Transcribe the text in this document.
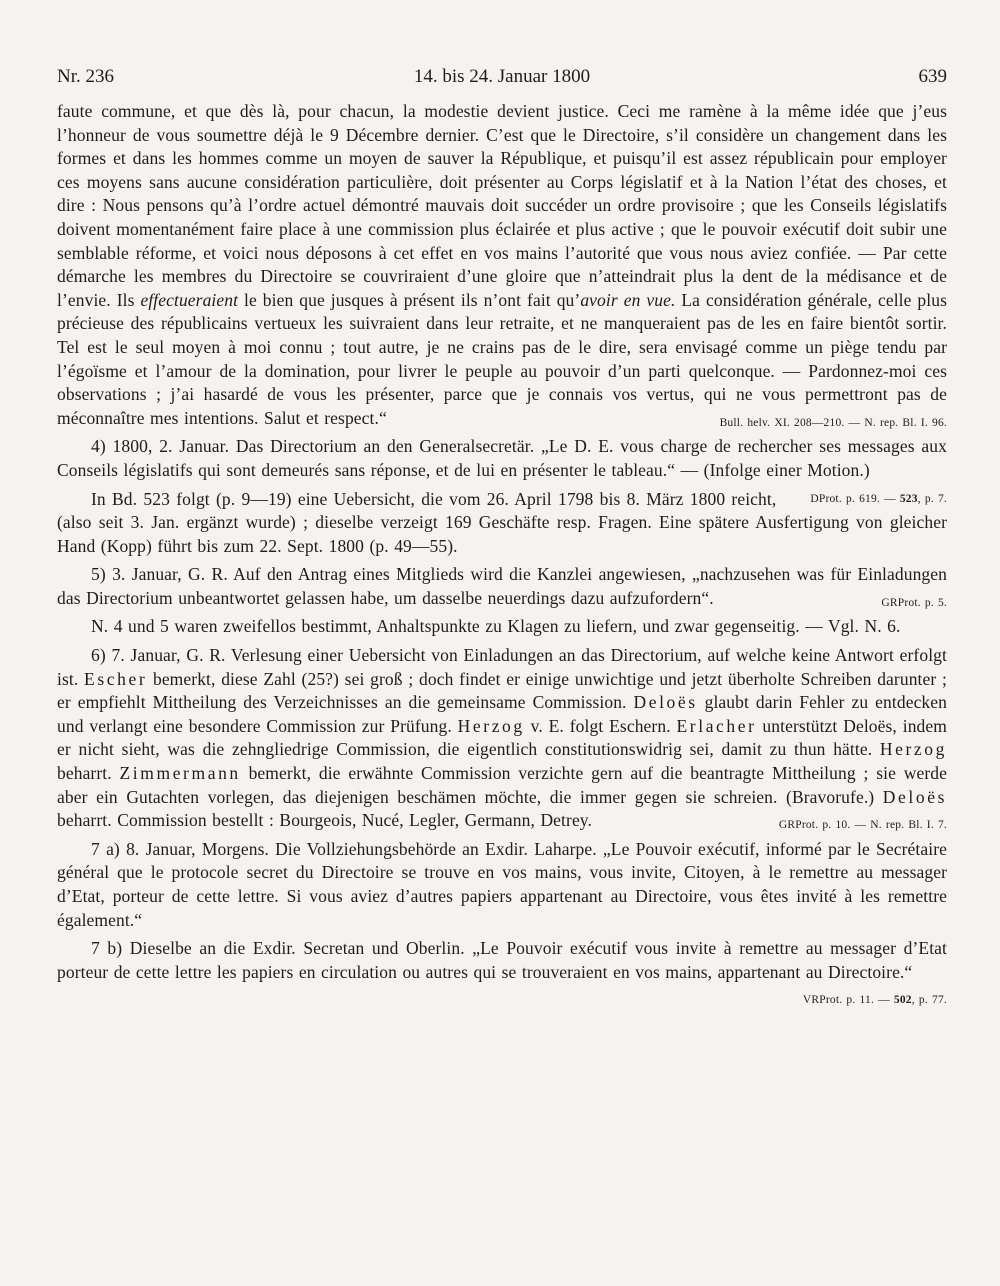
Nr. 236	14. bis 24. Januar 1800	639

faute commune, et que dès là, pour chacun, la modestie devient justice. Ceci me ramène à la même idée que j’eus l’honneur de vous soumettre déjà le 9 Décembre dernier. C’est que le Directoire, s’il considère un changement dans les formes et dans les hommes comme un moyen de sauver la République, et puisqu’il est assez républicain pour employer ces moyens sans aucune considération particulière, doit présenter au Corps législatif et à la Nation l’état des choses, et dire : Nous pensons qu’à l’ordre actuel démontré mauvais doit succéder un ordre provisoire ; que les Conseils législatifs doivent momentanément faire place à une commission plus éclairée et plus active ; que le pouvoir exécutif doit subir une semblable réforme, et voici nous déposons à cet effet en vos mains l’autorité que vous nous aviez confiée. — Par cette démarche les membres du Directoire se couvriraient d’une gloire que n’atteindrait plus la dent de la médisance et de l’envie. Ils effectueraient le bien que jusques à présent ils n’ont fait qu’avoir en vue. La considération générale, celle plus précieuse des républicains vertueux les suivraient dans leur retraite, et ne manqueraient pas de les en faire bientôt sortir. Tel est le seul moyen à moi connu ; tout autre, je ne crains pas de le dire, sera envisagé comme un piège tendu par l’égoïsme et l’amour de la domination, pour livrer le peuple au pouvoir d’un parti quelconque. — Pardonnez-moi ces observations ; j’ai hasardé de vous les présenter, parce que je connais vos vertus, qui ne vous permettront pas de méconnaître mes intentions. Salut et respect.“	Bull. helv. XI. 208—210. — N. rep. Bl. I. 96.

4) 1800, 2. Januar. Das Directorium an den Generalsecretär. „Le D. E. vous charge de rechercher ses messages aux Conseils législatifs qui sont demeurés sans réponse, et de lui en présenter le tableau.“ — (Infolge einer Motion.)
DProt. p. 619. — 523, p. 7.

In Bd. 523 folgt (p. 9—19) eine Uebersicht, die vom 26. April 1798 bis 8. März 1800 reicht, (also seit 3. Jan. ergänzt wurde) ; dieselbe verzeigt 169 Geschäfte resp. Fragen. Eine spätere Ausfertigung von gleicher Hand (Kopp) führt bis zum 22. Sept. 1800 (p. 49—55).

5) 3. Januar, G. R. Auf den Antrag eines Mitglieds wird die Kanzlei angewiesen, „nachzusehen was für Einladungen das Directorium unbeantwortet gelassen habe, um dasselbe neuerdings dazu aufzufordern“.	GRProt. p. 5.

N. 4 und 5 waren zweifellos bestimmt, Anhaltspunkte zu Klagen zu liefern, und zwar gegenseitig. — Vgl. N. 6.

6) 7. Januar, G. R. Verlesung einer Uebersicht von Einladungen an das Directorium, auf welche keine Antwort erfolgt ist. Escher bemerkt, diese Zahl (25?) sei groß ; doch findet er einige unwichtige und jetzt überholte Schreiben darunter ; er empfiehlt Mittheilung des Verzeichnisses an die gemeinsame Commission. Deloës glaubt darin Fehler zu entdecken und verlangt eine besondere Commission zur Prüfung. Herzog v. E. folgt Eschern. Erlacher unterstützt Deloës, indem er nicht sieht, was die zehngliedrige Commission, die eigentlich constitutionswidrig sei, damit zu thun hätte. Herzog beharrt. Zimmermann bemerkt, die erwähnte Commission verzichte gern auf die beantragte Mittheilung ; sie werde aber ein Gutachten vorlegen, das diejenigen beschämen möchte, die immer gegen sie schreien. (Bravorufe.) Deloës beharrt. Commission bestellt : Bourgeois, Nucé, Legler, Germann, Detrey.	GRProt. p. 10. — N. rep. Bl. I. 7.

7 a) 8. Januar, Morgens. Die Vollziehungsbehörde an Exdir. Laharpe. „Le Pouvoir exécutif, informé par le Secrétaire général que le protocole secret du Directoire se trouve en vos mains, vous invite, Citoyen, à le remettre au messager d’Etat, porteur de cette lettre. Si vous aviez d’autres papiers appartenant au Directoire, vous êtes invité à les remettre également.“

7 b) Dieselbe an die Exdir. Secretan und Oberlin. „Le Pouvoir exécutif vous invite à remettre au messager d’Etat porteur de cette lettre les papiers en circulation ou autres qui se trouveraient en vos mains, appartenant au Directoire.“
VRProt. p. 11. — 502, p. 77.
